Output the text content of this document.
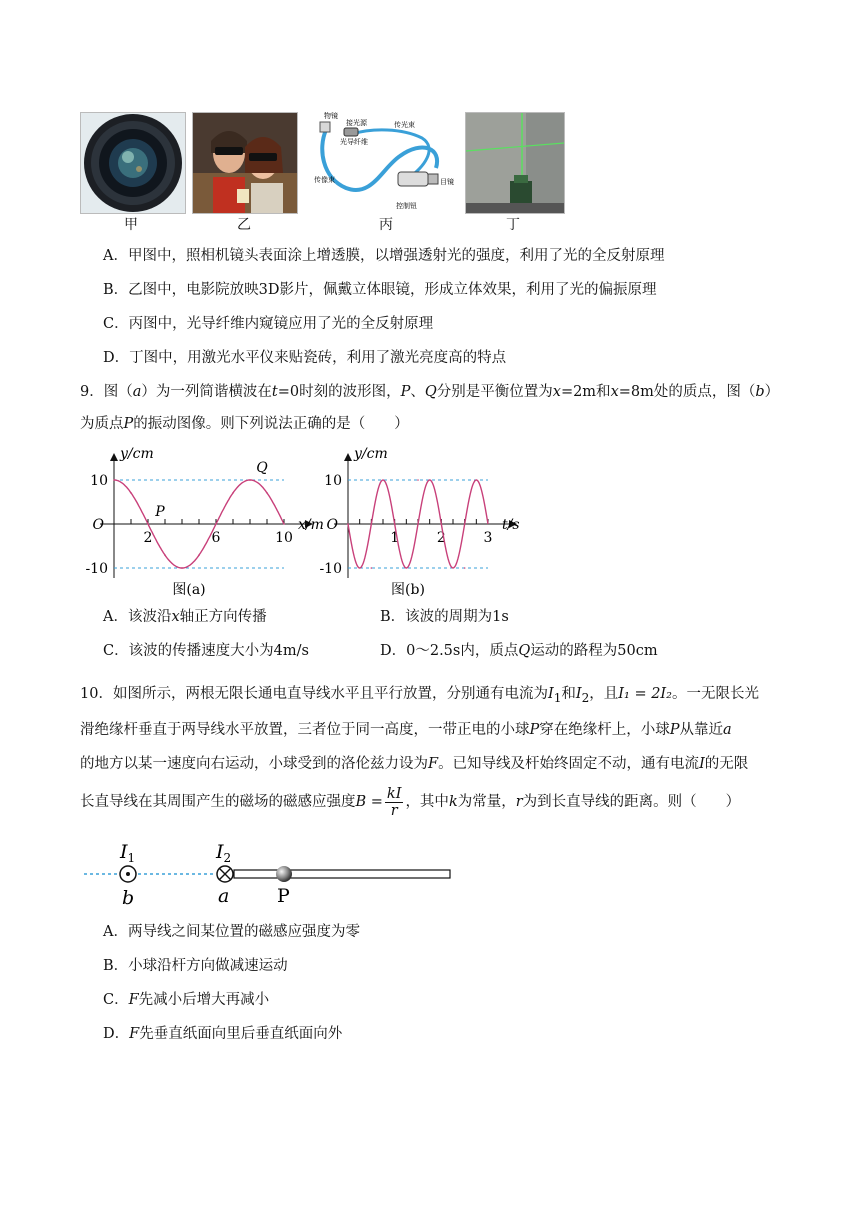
物镜
接光源	传光束
光导纤维
传像束	目镜
控制钮
甲	乙	丙	丁
A．甲图中，照相机镜头表面涂上增透膜，以增强透射光的强度，利用了光的全反射原理
B．乙图中，电影院放映3D影片，佩戴立体眼镜，形成立体效果，利用了光的偏振原理
C．丙图中，光导纤维内窥镜应用了光的全反射原理
D．丁图中，用激光水平仪来贴瓷砖，利用了激光亮度高的特点
9．图（a）为一列简谐横波在t=0时刻的波形图，P、Q分别是平衡位置为x=2m和x=8m处的质点，图（b）
为质点P的振动图像。则下列说法正确的是（　　）
10
-10
2	6	10
O
y/cm
x/m
P
Q
图(a)
10
-10
1	2	3
O
y/cm
t/s
图(b)
A．该波沿x轴正方向传播	B．该波的周期为1s
C．该波的传播速度大小为4m/s	D．0～2.5s内，质点Q运动的路程为50cm
10．如图所示，两根无限长通电直导线水平且平行放置，分别通有电流为$I_1$和$I_2$，且I₁ = 2I₂。一无限长光
滑绝缘杆垂直于两导线水平放置，三者位于同一高度，一带正电的小球P穿在绝缘杆上，小球P从靠近a
的地方以某一速度向右运动，小球受到的洛伦兹力设为F。已知导线及杆始终固定不动，通有电流I的无限
长直导线在其周围产生的磁场的磁感应强度$B = \frac{kI}{r}$ ，其中k为常量，r为到长直导线的距离。则（　　）
$I_1$	$I_2$
b	a	P
A．两导线之间某位置的磁感应强度为零
B．小球沿杆方向做减速运动
C．F先减小后增大再减小
D．F先垂直纸面向里后垂直纸面向外
